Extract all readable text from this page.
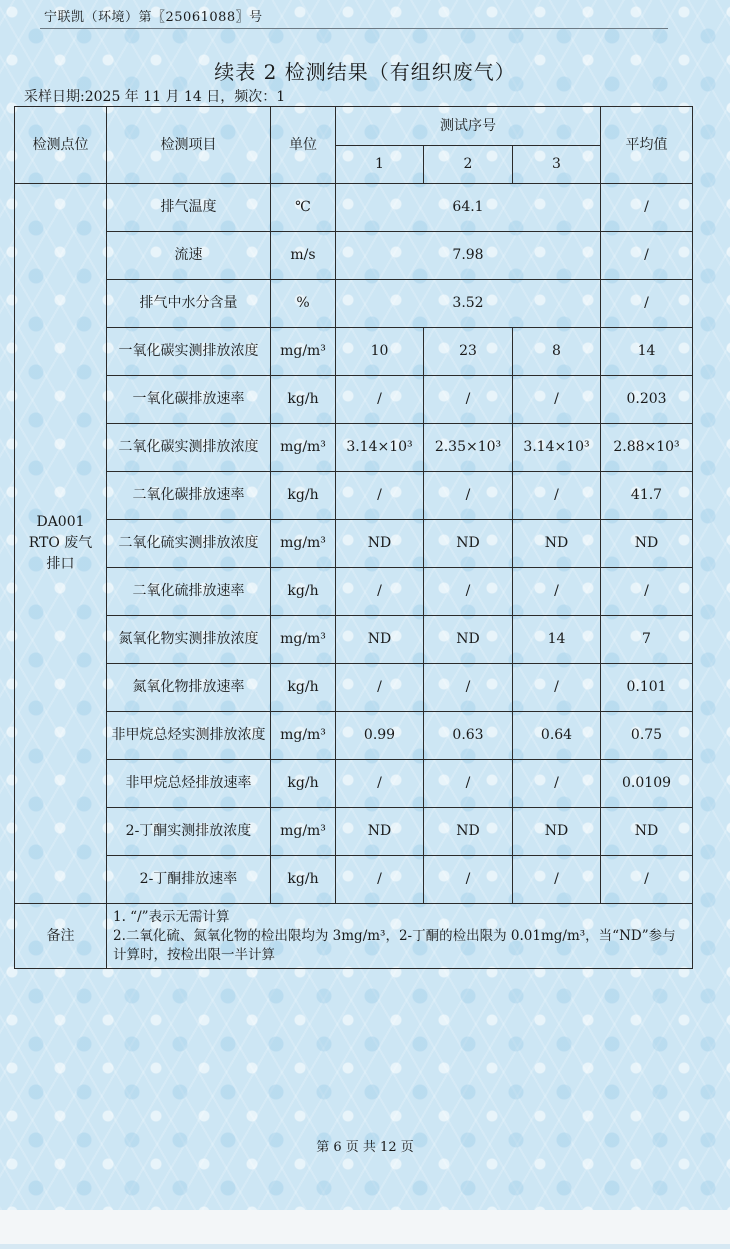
宁联凯（环境）第〖25061088〗号
续表 2 检测结果（有组织废气）
采样日期:2025 年 11 月 14 日，频次：1
检测点位	检测项目	单位	测试序号			平均值
			1	2	3	

DA001
RTO 废气
排口	排气温度	℃	64.1			/
	流速	m/s	7.98			/
	排气中水分含量	%	3.52			/
	一氧化碳实测排放浓度	mg/m³	10	23	8	14
	一氧化碳排放速率	kg/h	/	/	/	0.203
	二氧化碳实测排放浓度	mg/m³	3.14×10³	2.35×10³	3.14×10³	2.88×10³
	二氧化碳排放速率	kg/h	/	/	/	41.7
	二氧化硫实测排放浓度	mg/m³	ND	ND	ND	ND
	二氧化硫排放速率	kg/h	/	/	/	/
	氮氧化物实测排放浓度	mg/m³	ND	ND	14	7
	氮氧化物排放速率	kg/h	/	/	/	0.101
	非甲烷总烃实测排放浓度	mg/m³	0.99	0.63	0.64	0.75
	非甲烷总烃排放速率	kg/h	/	/	/	0.0109
	2-丁酮实测排放浓度	mg/m³	ND	ND	ND	ND
	2-丁酮排放速率	kg/h	/	/	/	/
备注	1. “/”表示无需计算
2.二氧化硫、氮氧化物的检出限均为 3mg/m³，2-丁酮的检出限为 0.01mg/m³，当“ND”参与计算时，按检出限一半计算					
第 6 页 共 12 页
